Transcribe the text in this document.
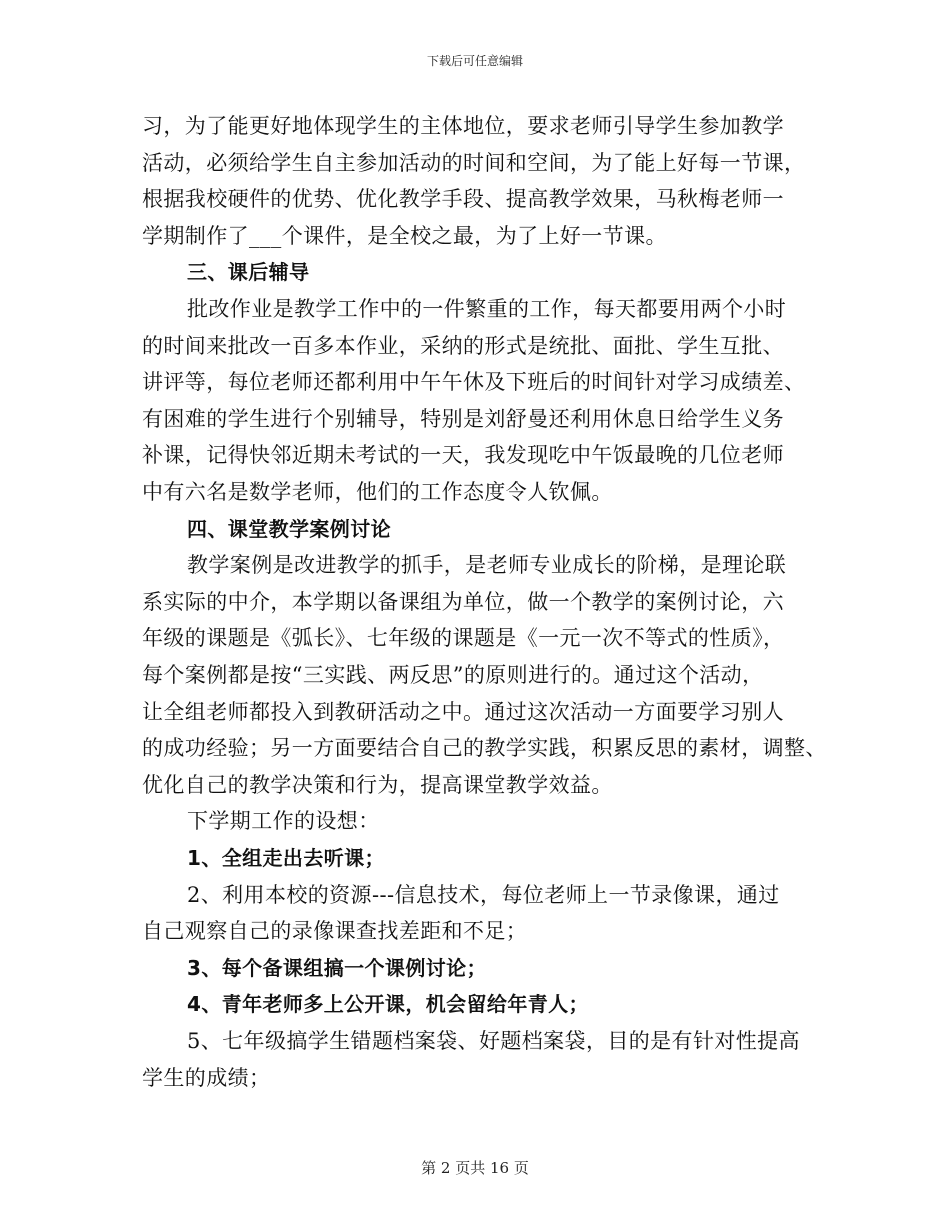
下载后可任意编辑
习，为了能更好地体现学生的主体地位，要求老师引导学生参加教学
活动，必须给学生自主参加活动的时间和空间，为了能上好每一节课，
根据我校硬件的优势、优化教学手段、提高教学效果，马秋梅老师一
学期制作了___个课件，是全校之最，为了上好一节课。
三、课后辅导
批改作业是教学工作中的一件繁重的工作，每天都要用两个小时
的时间来批改一百多本作业，采纳的形式是统批、面批、学生互批、
讲评等，每位老师还都利用中午午休及下班后的时间针对学习成绩差、
有困难的学生进行个别辅导，特别是刘舒曼还利用休息日给学生义务
补课，记得快邻近期未考试的一天，我发现吃中午饭最晚的几位老师
中有六名是数学老师，他们的工作态度令人钦佩。
四、课堂教学案例讨论
教学案例是改进教学的抓手，是老师专业成长的阶梯，是理论联
系实际的中介，本学期以备课组为单位，做一个教学的案例讨论，六
年级的课题是《弧长》、七年级的课题是《一元一次不等式的性质》，
每个案例都是按“三实践、两反思”的原则进行的。通过这个活动，
让全组老师都投入到教研活动之中。通过这次活动一方面要学习别人
的成功经验；另一方面要结合自己的教学实践，积累反思的素材，调整、
优化自己的教学决策和行为，提高课堂教学效益。
下学期工作的设想：
1、全组走出去听课；
2、利用本校的资源---信息技术，每位老师上一节录像课，通过
自己观察自己的录像课查找差距和不足；
3、每个备课组搞一个课例讨论；
4、青年老师多上公开课，机会留给年青人；
5、七年级搞学生错题档案袋、好题档案袋，目的是有针对性提高
学生的成绩；
第 2 页共 16 页
